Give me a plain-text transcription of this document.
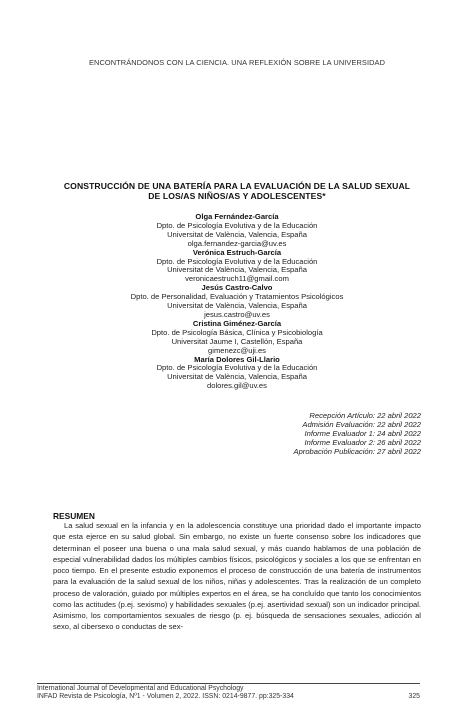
ENCONTRÁNDONOS CON LA CIENCIA. UNA REFLEXIÓN SOBRE LA UNIVERSIDAD
CONSTRUCCIÓN DE UNA BATERÍA PARA LA EVALUACIÓN DE LA SALUD SEXUAL
DE LOS/AS NIÑOS/AS Y ADOLESCENTES*
Olga Fernández-García
Dpto. de Psicología Evolutiva y de la Educación
Universitat de València, Valencia, España
olga.fernandez-garcia@uv.es
Verónica Estruch-García
Dpto. de Psicología Evolutiva y de la Educación
Universitat de València, Valencia, España
veronicaestruch11@gmail.com
Jesús Castro-Calvo
Dpto. de Personalidad, Evaluación y Tratamientos Psicológicos
Universitat de València, Valencia, España
jesus.castro@uv.es
Cristina Giménez-García
Dpto. de Psicología Básica, Clínica y Psicobiología
Universitat Jaume I, Castellón, España
gimenezc@uji.es
María Dolores Gil-Llario
Dpto. de Psicología Evolutiva y de la Educación
Universitat de València, Valencia, España
dolores.gil@uv.es
Recepción Artículo: 22 abril 2022
Admisión Evaluación: 22 abril 2022
Informe Evaluador 1: 24 abril 2022
Informe Evaluador 2: 26 abril 2022
Aprobación Publicación: 27 abril 2022
RESUMEN

La salud sexual en la infancia y en la adolescencia constituye una prioridad dado el importante impacto que esta ejerce en su salud global. Sin embargo, no existe un fuerte consenso sobre los indicadores que determinan el poseer una buena o una mala salud sexual, y más cuando hablamos de una población de especial vulnerabilidad dados los múltiples cambios físicos, psicológicos y sociales a los que se enfrentan en poco tiempo. En el presente estudio exponemos el proceso de construcción de una batería de instrumentos para la evaluación de la salud sexual de los niños, niñas y adolescentes. Tras la realización de un completo proceso de valoración, guiado por múltiples expertos en el área, se ha concluído que tanto los conocimientos como las actitudes (p.ej. sexismo) y habilidades sexuales (p.ej. asertividad sexual) son un indicador principal. Asimismo, los comportamientos sexuales de riesgo (p. ej. búsqueda de sensaciones sexuales, adicción al sexo, al cibersexo o conductas de sex-

International Journal of Developmental and Educational Psychology
INFAD Revista de Psicología, Nº1 - Volumen 2, 2022. ISSN: 0214-9877. pp:325-334	325
